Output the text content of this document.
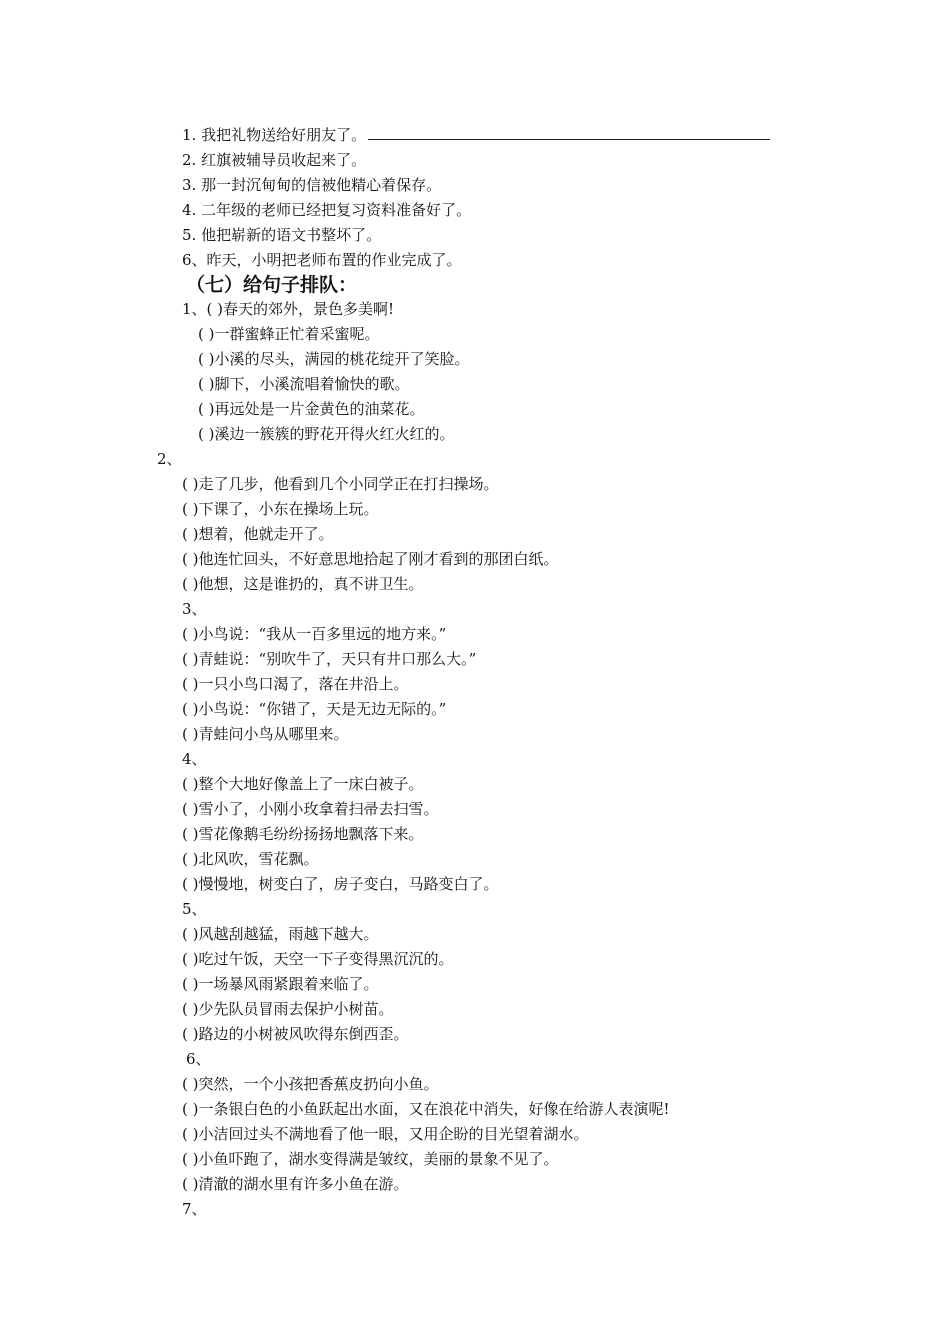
1. 我把礼物送给好朋友了。
2. 红旗被辅导员收起来了。
3. 那一封沉甸甸的信被他精心着保存。
4. 二年级的老师已经把复习资料准备好了。
5. 他把崭新的语文书整坏了。
6、昨天，小明把老师布置的作业完成了。
（七）给句子排队：
1、( )春天的郊外，景色多美啊!
( )一群蜜蜂正忙着采蜜呢。
( )小溪的尽头，满园的桃花绽开了笑脸。
( )脚下，小溪流唱着愉快的歌。
( )再远处是一片金黄色的油菜花。
( )溪边一簇簇的野花开得火红火红的。
2、
( )走了几步，他看到几个小同学正在打扫操场。
( )下课了，小东在操场上玩。
( )想着，他就走开了。
( )他连忙回头，不好意思地拾起了刚才看到的那团白纸。
( )他想，这是谁扔的，真不讲卫生。
3、
( )小鸟说：“我从一百多里远的地方来。”
( )青蛙说：“别吹牛了，天只有井口那么大。”
( )一只小鸟口渴了，落在井沿上。
( )小鸟说：“你错了，天是无边无际的。”
( )青蛙问小鸟从哪里来。
4、
( )整个大地好像盖上了一床白被子。
( )雪小了，小刚小玫拿着扫帚去扫雪。
( )雪花像鹅毛纷纷扬扬地飘落下来。
( )北风吹，雪花飘。
( )慢慢地，树变白了，房子变白，马路变白了。
5、
( )风越刮越猛，雨越下越大。
( )吃过午饭，天空一下子变得黑沉沉的。
( )一场暴风雨紧跟着来临了。
( )少先队员冒雨去保护小树苗。
( )路边的小树被风吹得东倒西歪。
6、
( )突然，一个小孩把香蕉皮扔向小鱼。
( )一条银白色的小鱼跃起出水面，又在浪花中消失，好像在给游人表演呢!
( )小洁回过头不满地看了他一眼，又用企盼的目光望着湖水。
( )小鱼吓跑了，湖水变得满是皱纹，美丽的景象不见了。
( )清澈的湖水里有许多小鱼在游。
7、
